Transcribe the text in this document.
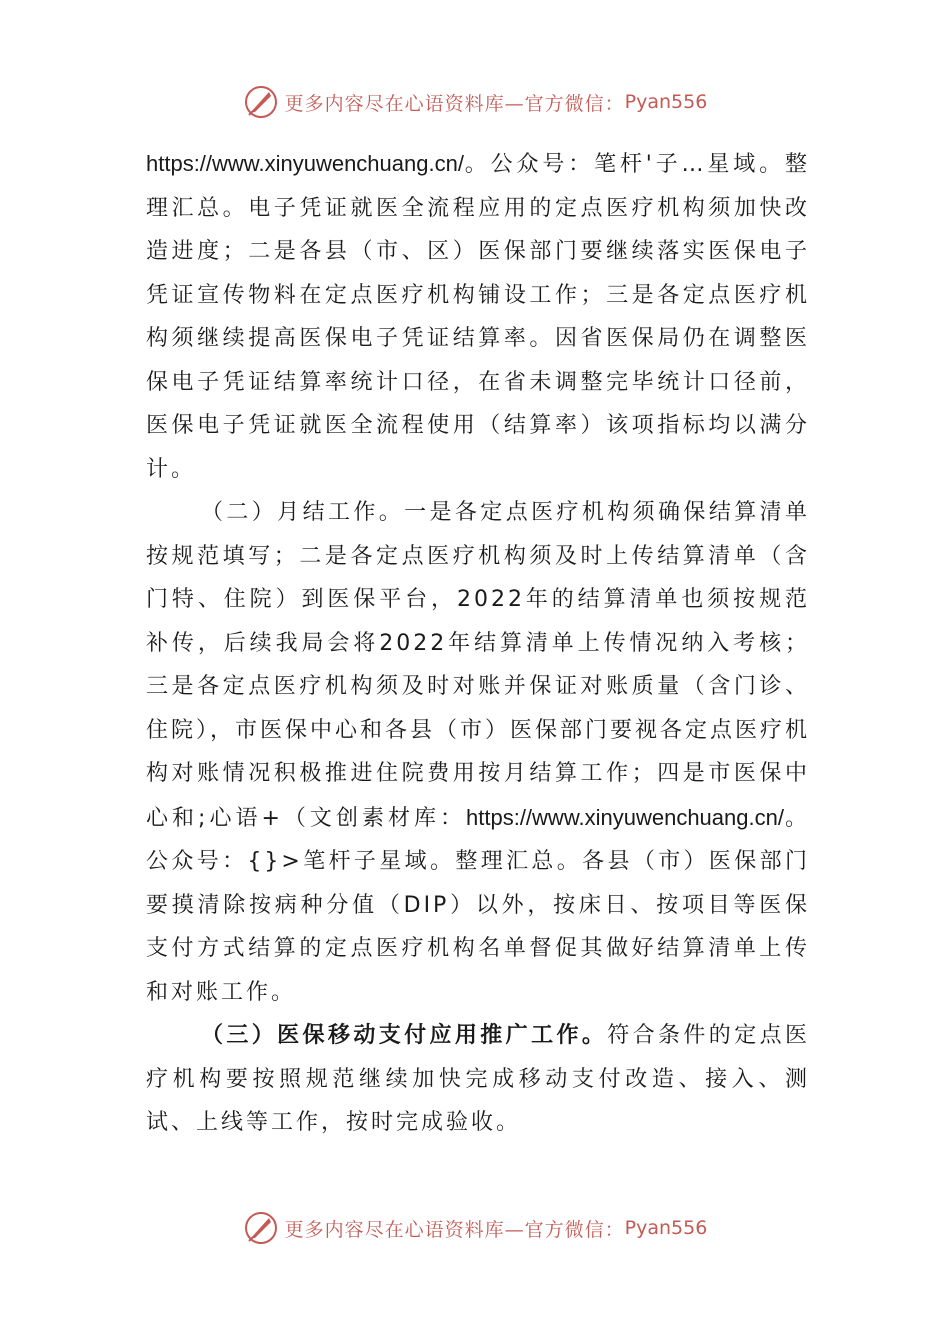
更多内容尽在心语资料库—官方微信： Pyan556

https://www.xinyuwenchuang.cn/。公众号：笔杆'子…星域。整理汇总。电子凭证就医全流程应用的定点医疗机构须加快改造进度；二是各县（市、区）医保部门要继续落实医保电子凭证宣传物料在定点医疗机构铺设工作；三是各定点医疗机构须继续提高医保电子凭证结算率。因省医保局仍在调整医保电子凭证结算率统计口径，在省未调整完毕统计口径前，医保电子凭证就医全流程使用（结算率）该项指标均以满分计。

（二）月结工作。一是各定点医疗机构须确保结算清单按规范填写；二是各定点医疗机构须及时上传结算清单（含门特、住院）到医保平台，2022年的结算清单也须按规范补传，后续我局会将2022年结算清单上传情况纳入考核；三是各定点医疗机构须及时对账并保证对账质量（含门诊、住院），市医保中心和各县（市）医保部门要视各定点医疗机构对账情况积极推进住院费用按月结算工作；四是市医保中心和;心语+（文创素材库：https://www.xinyuwenchuang.cn/。公众号：{}>笔杆子星域。整理汇总。各县（市）医保部门要摸清除按病种分值（DIP）以外，按床日、按项目等医保支付方式结算的定点医疗机构名单督促其做好结算清单上传和对账工作。

（三）医保移动支付应用推广工作。符合条件的定点医疗机构要按照规范继续加快完成移动支付改造、接入、测试、上线等工作，按时完成验收。

更多内容尽在心语资料库—官方微信： Pyan556
